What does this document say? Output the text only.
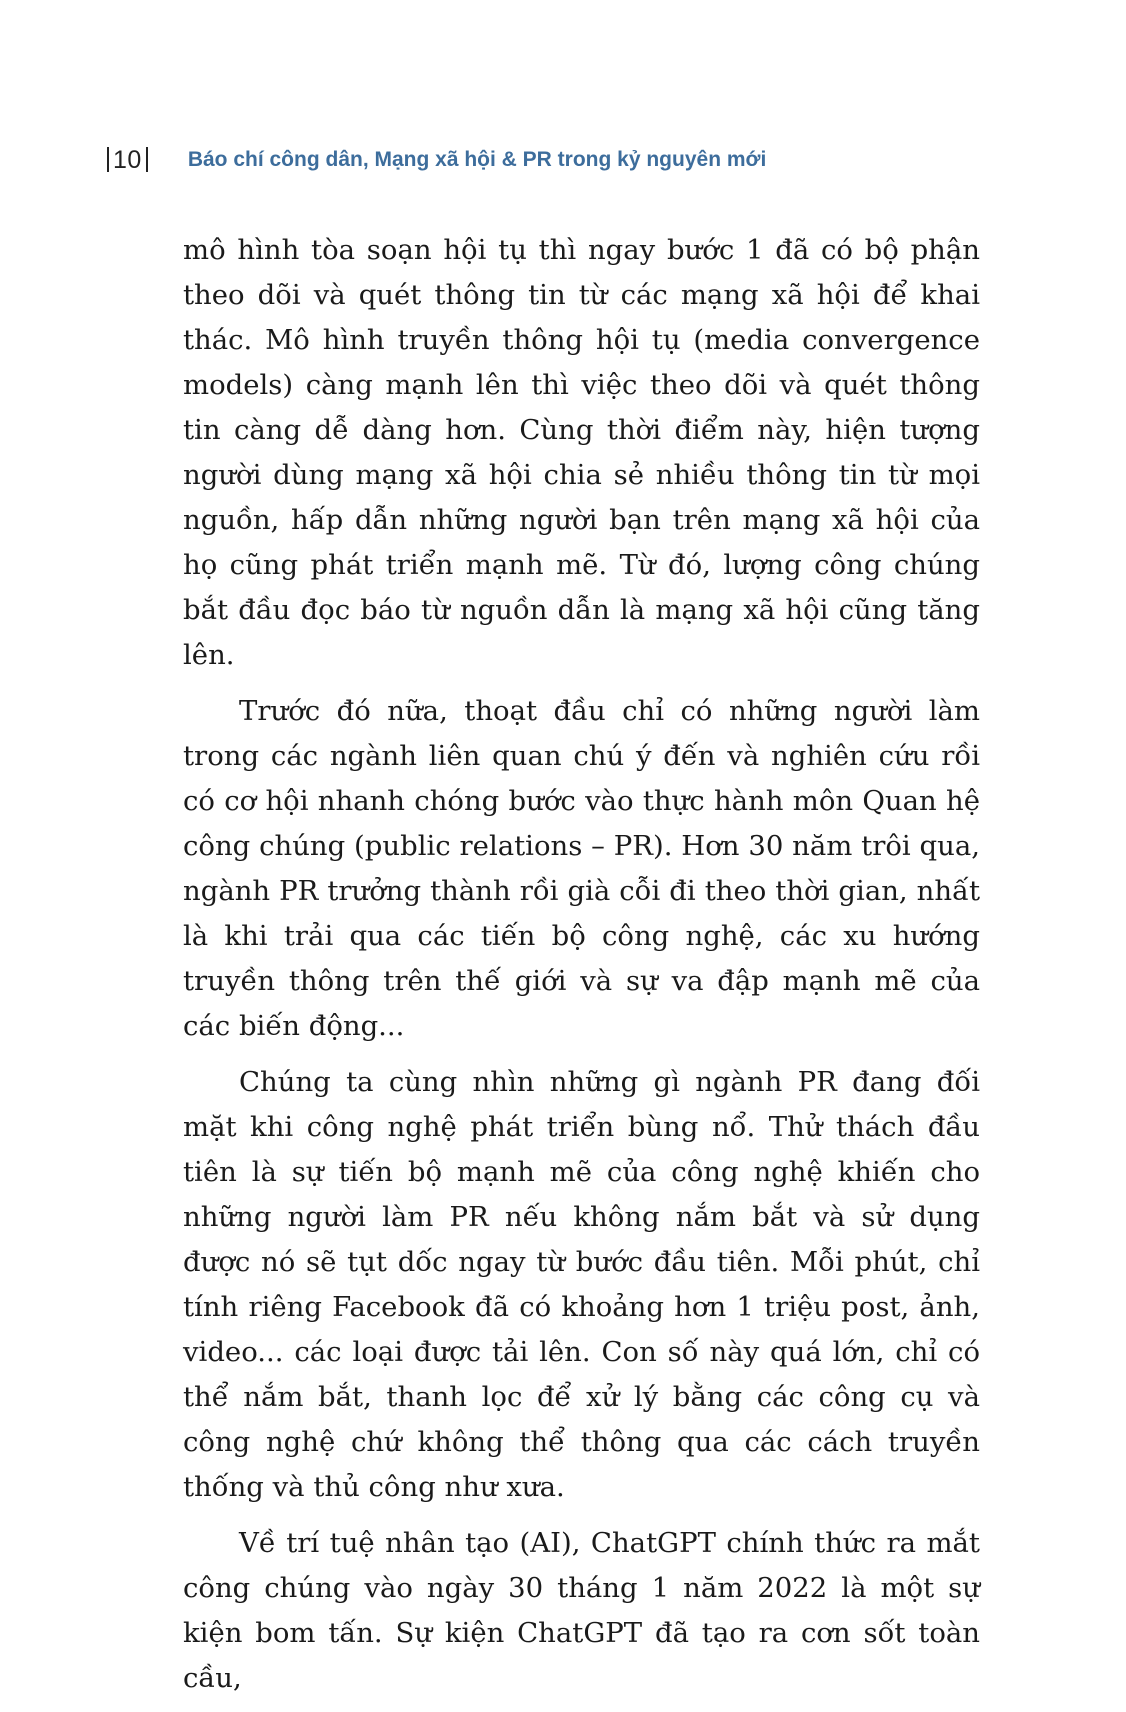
10	Báo chí công dân, Mạng xã hội & PR trong kỷ nguyên mới

mô hình tòa soạn hội tụ thì ngay bước 1 đã có bộ phận theo dõi và quét thông tin từ các mạng xã hội để khai thác. Mô hình truyền thông hội tụ (media convergence models) càng mạnh lên thì việc theo dõi và quét thông tin càng dễ dàng hơn. Cùng thời điểm này, hiện tượng người dùng mạng xã hội chia sẻ nhiều thông tin từ mọi nguồn, hấp dẫn những người bạn trên mạng xã hội của họ cũng phát triển mạnh mẽ. Từ đó, lượng công chúng bắt đầu đọc báo từ nguồn dẫn là mạng xã hội cũng tăng lên.

Trước đó nữa, thoạt đầu chỉ có những người làm trong các ngành liên quan chú ý đến và nghiên cứu rồi có cơ hội nhanh chóng bước vào thực hành môn Quan hệ công chúng (public relations – PR). Hơn 30 năm trôi qua, ngành PR trưởng thành rồi già cỗi đi theo thời gian, nhất là khi trải qua các tiến bộ công nghệ, các xu hướng truyền thông trên thế giới và sự va đập mạnh mẽ của các biến động...

Chúng ta cùng nhìn những gì ngành PR đang đối mặt khi công nghệ phát triển bùng nổ. Thử thách đầu tiên là sự tiến bộ mạnh mẽ của công nghệ khiến cho những người làm PR nếu không nắm bắt và sử dụng được nó sẽ tụt dốc ngay từ bước đầu tiên. Mỗi phút, chỉ tính riêng Facebook đã có khoảng hơn 1 triệu post, ảnh, video... các loại được tải lên. Con số này quá lớn, chỉ có thể nắm bắt, thanh lọc để xử lý bằng các công cụ và công nghệ chứ không thể thông qua các cách truyền thống và thủ công như xưa.

Về trí tuệ nhân tạo (AI), ChatGPT chính thức ra mắt công chúng vào ngày 30 tháng 1 năm 2022 là một sự kiện bom tấn. Sự kiện ChatGPT đã tạo ra cơn sốt toàn cầu,
